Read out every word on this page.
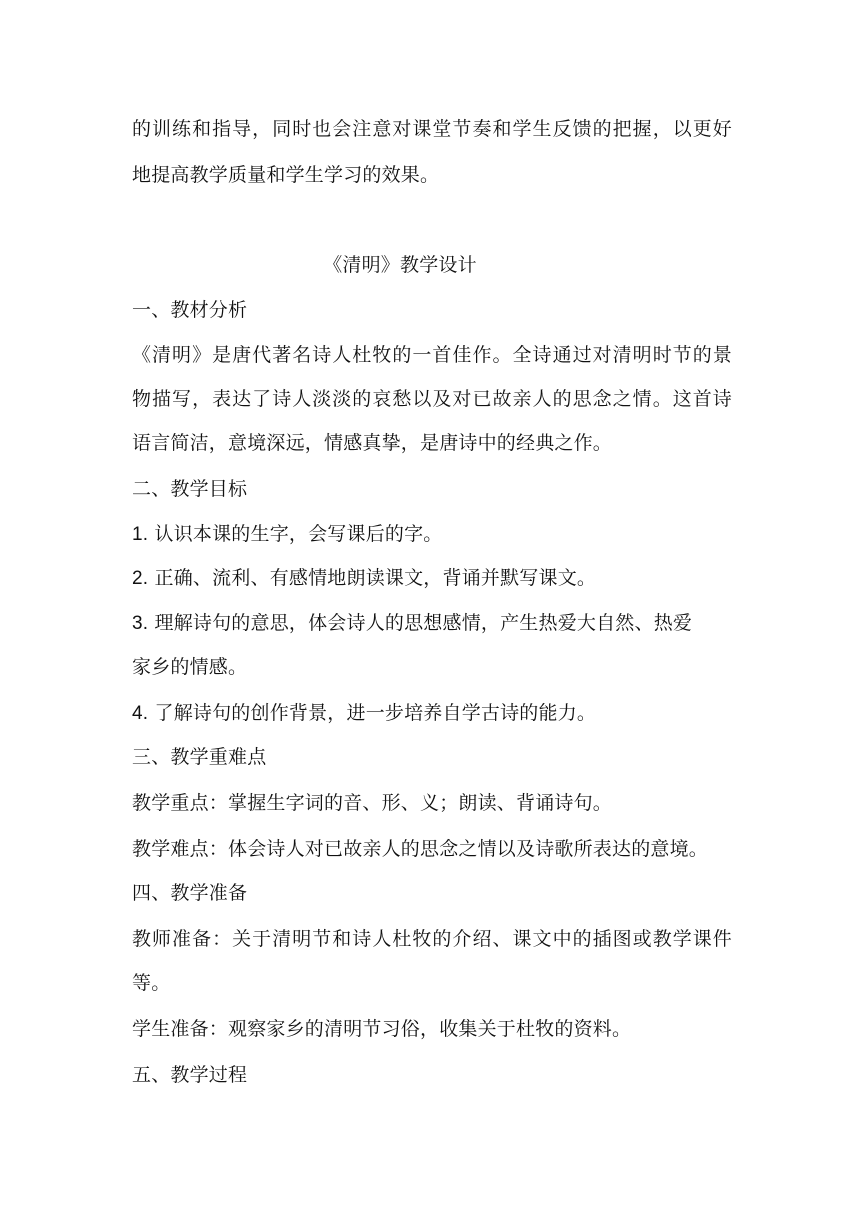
的训练和指导，同时也会注意对课堂节奏和学生反馈的把握，以更好
地提高教学质量和学生学习的效果。
《清明》教学设计
一、教材分析
《清明》是唐代著名诗人杜牧的一首佳作。全诗通过对清明时节的景
物描写，表达了诗人淡淡的哀愁以及对已故亲人的思念之情。这首诗
语言简洁，意境深远，情感真挚，是唐诗中的经典之作。
二、教学目标
1. 认识本课的生字，会写课后的字。
2. 正确、流利、有感情地朗读课文，背诵并默写课文。
3. 理解诗句的意思，体会诗人的思想感情，产生热爱大自然、热爱
家乡的情感。
4. 了解诗句的创作背景，进一步培养自学古诗的能力。
三、教学重难点
教学重点：掌握生字词的音、形、义；朗读、背诵诗句。
教学难点：体会诗人对已故亲人的思念之情以及诗歌所表达的意境。
四、教学准备
教师准备：关于清明节和诗人杜牧的介绍、课文中的插图或教学课件
等。
学生准备：观察家乡的清明节习俗，收集关于杜牧的资料。
五、教学过程
